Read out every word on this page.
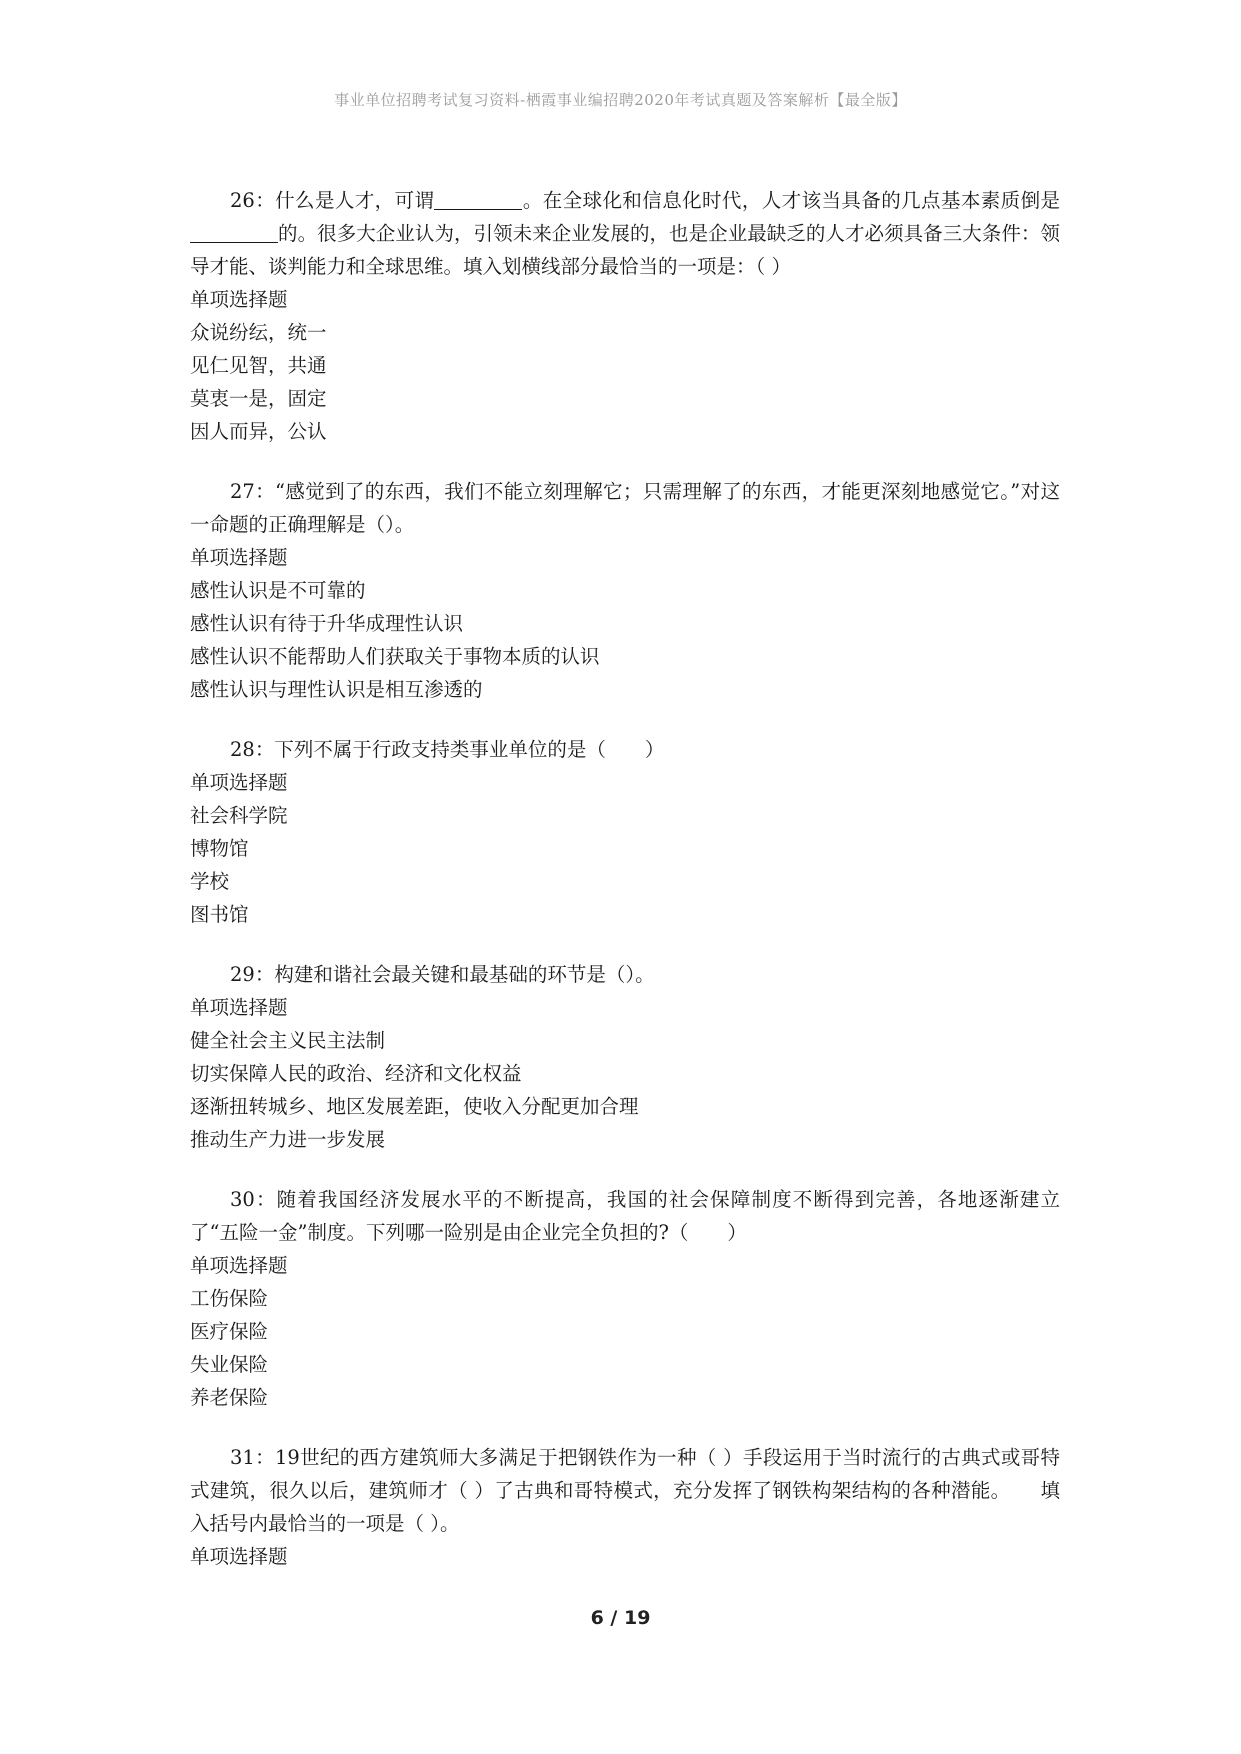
事业单位招聘考试复习资料-栖霞事业编招聘2020年考试真题及答案解析【最全版】
26：什么是人才，可谓	。在全球化和信息化时代，人才该当具备的几点基本素质倒是的。很多大企业认为，引领未来企业发展的，也是企业最缺乏的人才必须具备三大条件：领导才能、谈判能力和全球思维。填入划横线部分最恰当的一项是：（ ）
单项选择题
众说纷纭，统一
见仁见智，共通
莫衷一是，固定
因人而异，公认
27：“感觉到了的东西，我们不能立刻理解它；只需理解了的东西，才能更深刻地感觉它。”对这一命题的正确理解是（）。
单项选择题
感性认识是不可靠的
感性认识有待于升华成理性认识
感性认识不能帮助人们获取关于事物本质的认识
感性认识与理性认识是相互渗透的
28：下列不属于行政支持类事业单位的是（　　）
单项选择题
社会科学院
博物馆
学校
图书馆
29：构建和谐社会最关键和最基础的环节是（）。
单项选择题
健全社会主义民主法制
切实保障人民的政治、经济和文化权益
逐渐扭转城乡、地区发展差距，使收入分配更加合理
推动生产力进一步发展
30：随着我国经济发展水平的不断提高，我国的社会保障制度不断得到完善，各地逐渐建立了“五险一金”制度。下列哪一险别是由企业完全负担的?（　　）
单项选择题
工伤保险
医疗保险
失业保险
养老保险
31：19世纪的西方建筑师大多满足于把钢铁作为一种（ ）手段运用于当时流行的古典式或哥特式建筑，很久以后，建筑师才（ ）了古典和哥特模式，充分发挥了钢铁构架结构的各种潜能。　　填入括号内最恰当的一项是（ ）。
单项选择题
6 / 19
